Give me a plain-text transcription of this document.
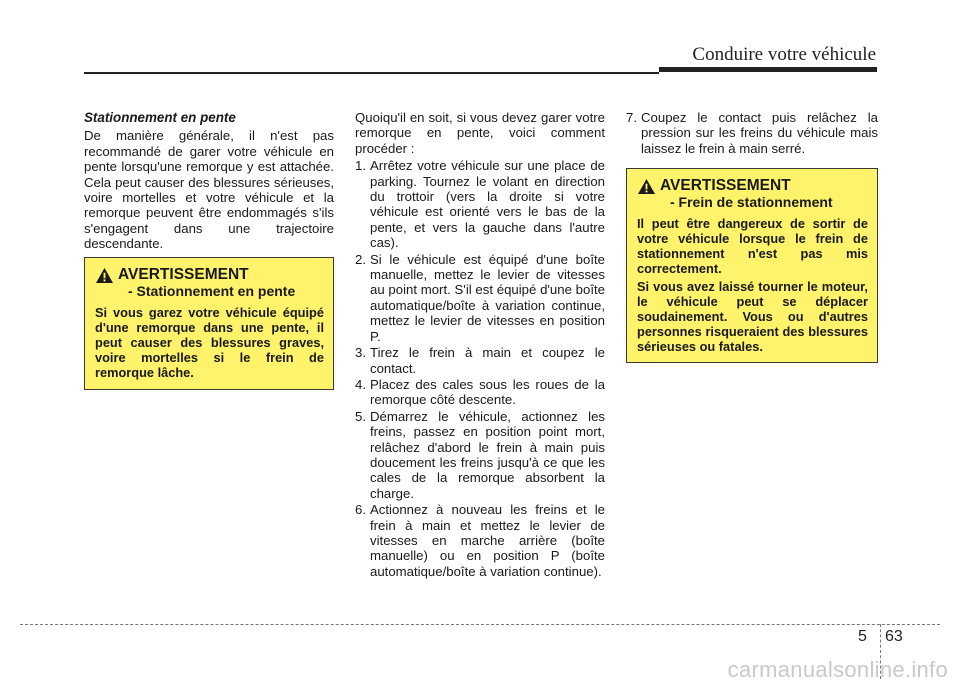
Conduire votre véhicule

Stationnement en pente

De manière générale, il n'est pas recommandé de garer votre véhicule en pente lorsqu'une remorque y est attachée. Cela peut causer des blessures sérieuses, voire mortelles et votre véhicule et la remorque peuvent être endommagés s'ils s'engagent dans une trajectoire descendante.

AVERTISSEMENT
- Stationnement en pente

Si vous garez votre véhicule équipé d'une remorque dans une pente, il peut causer des blessures graves, voire mortelles si le frein de remorque lâche.

Quoiqu'il en soit, si vous devez garer votre remorque en pente, voici comment procéder :

1. Arrêtez votre véhicule sur une place de parking. Tournez le volant en direction du trottoir (vers la droite si votre véhicule est orienté vers le bas de la pente, et vers la gauche dans l'autre cas).
2. Si le véhicule est équipé d'une boîte manuelle, mettez le levier de vitesses au point mort. S'il est équipé d'une boîte automatique/boîte à variation continue, mettez le levier de vitesses en position P.
3. Tirez le frein à main et coupez le contact.
4. Placez des cales sous les roues de la remorque côté descente.
5. Démarrez le véhicule, actionnez les freins, passez en position point mort, relâchez d'abord le frein à main puis doucement les freins jusqu'à ce que les cales de la remorque absorbent la charge.
6. Actionnez à nouveau les freins et le frein à main et mettez le levier de vitesses en marche arrière (boîte manuelle) ou en position P (boîte automatique/boîte à variation continue).
7. Coupez le contact puis relâchez la pression sur les freins du véhicule mais laissez le frein à main serré.
AVERTISSEMENT
- Frein de stationnement

Il peut être dangereux de sortir de votre véhicule lorsque le frein de stationnement n'est pas mis correctement.

Si vous avez laissé tourner le moteur, le véhicule peut se déplacer soudainement. Vous ou d'autres personnes risqueraient des blessures sérieuses ou fatales.

5 63
carmanualsonline.info
